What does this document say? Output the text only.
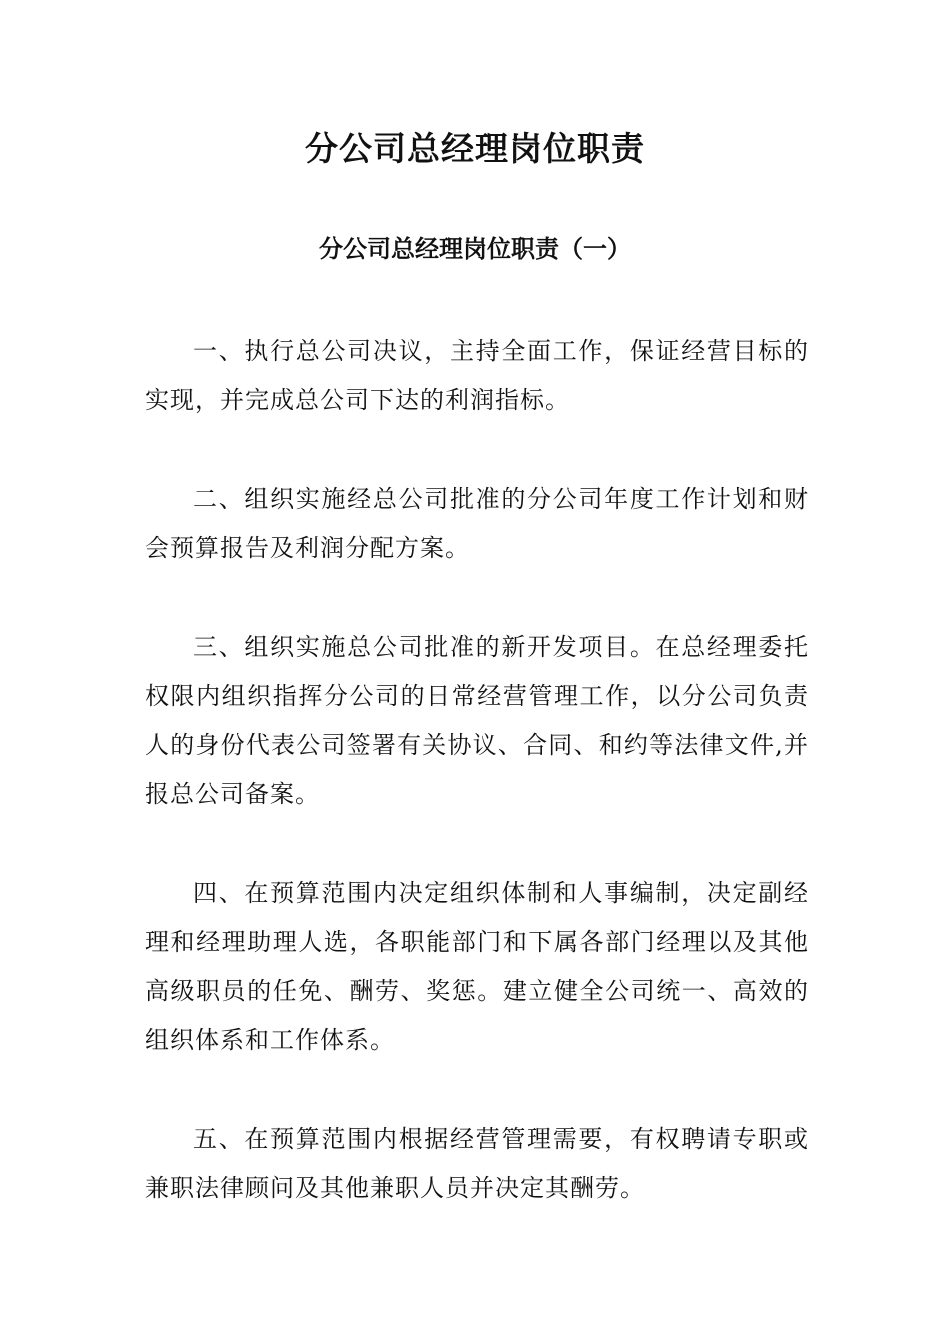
分公司总经理岗位职责
分公司总经理岗位职责（一）

一、执行总公司决议，主持全面工作，保证经营目标的实现，并完成总公司下达的利润指标。

二、组织实施经总公司批准的分公司年度工作计划和财会预算报告及利润分配方案。

三、组织实施总公司批准的新开发项目。在总经理委托权限内组织指挥分公司的日常经营管理工作，以分公司负责人的身份代表公司签署有关协议、合同、和约等法律文件,并报总公司备案。

四、在预算范围内决定组织体制和人事编制，决定副经理和经理助理人选，各职能部门和下属各部门经理以及其他高级职员的任免、酬劳、奖惩。建立健全公司统一、高效的组织体系和工作体系。

五、在预算范围内根据经营管理需要，有权聘请专职或兼职法律顾问及其他兼职人员并决定其酬劳。
